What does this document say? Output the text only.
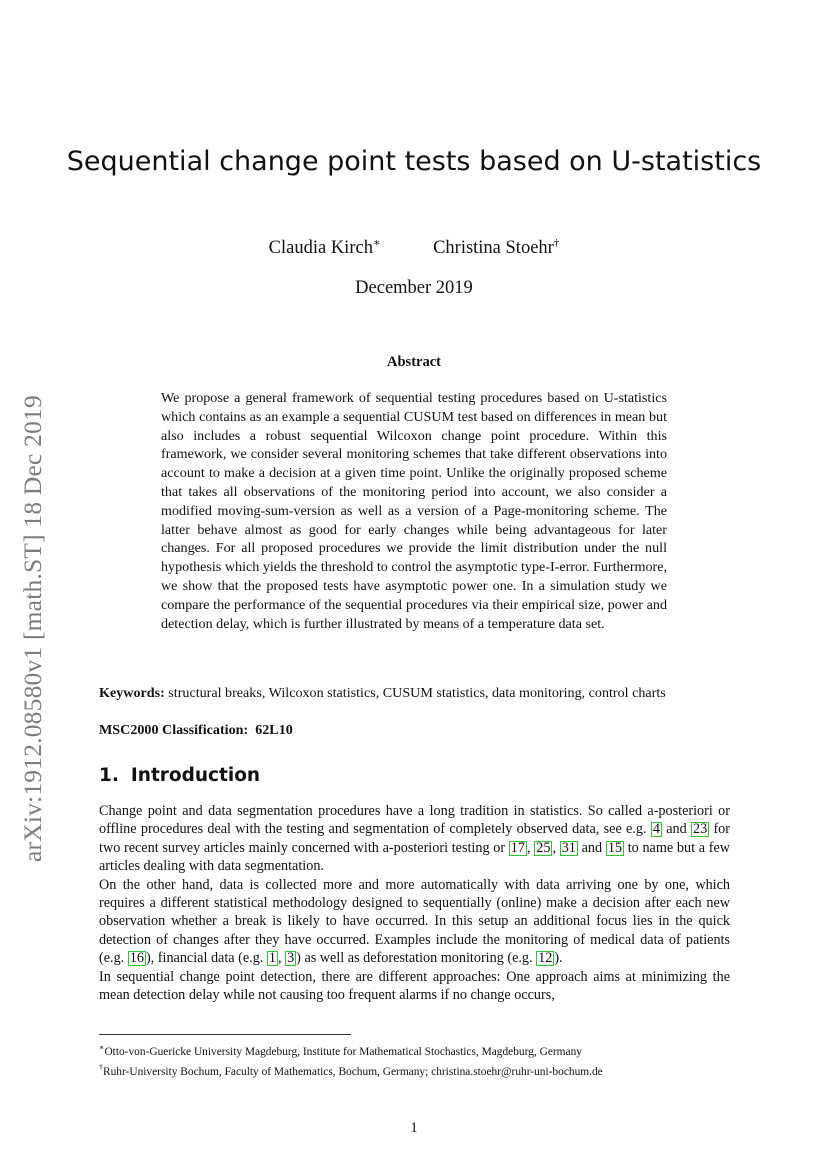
arXiv:1912.08580v1 [math.ST] 18 Dec 2019
Sequential change point tests based on U-statistics
Claudia Kirch∗	Christina Stoehr†
December 2019
Abstract
We propose a general framework of sequential testing procedures based on U-statistics which contains as an example a sequential CUSUM test based on differences in mean but also includes a robust sequential Wilcoxon change point procedure. Within this framework, we consider several monitoring schemes that take different observations into account to make a decision at a given time point. Unlike the originally proposed scheme that takes all observations of the monitoring period into account, we also consider a modified moving-sum-version as well as a version of a Page-monitoring scheme. The latter behave almost as good for early changes while being advantageous for later changes. For all proposed procedures we provide the limit distribution under the null hypothesis which yields the threshold to control the asymptotic type-I-error. Furthermore, we show that the proposed tests have asymptotic power one. In a simulation study we compare the performance of the sequential procedures via their empirical size, power and detection delay, which is further illustrated by means of a temperature data set.
Keywords: structural breaks, Wilcoxon statistics, CUSUM statistics, data monitoring, control charts
MSC2000 Classification: 62L10
1. Introduction

Change point and data segmentation procedures have a long tradition in statistics. So called a-posteriori or offline procedures deal with the testing and segmentation of completely observed data, see e.g. 4 and 23 for two recent survey articles mainly concerned with a-posteriori testing or 17 , 25 , 31 and 15 to name but a few articles dealing with data segmentation.

On the other hand, data is collected more and more automatically with data arriving one by one, which requires a different statistical methodology designed to sequentially (online) make a decision after each new observation whether a break is likely to have occurred. In this setup an additional focus lies in the quick detection of changes after they have occurred. Examples include the monitoring of medical data of patients (e.g. 16 ), financial data (e.g. 1 , 3 ) as well as deforestation monitoring (e.g. 12 ).

In sequential change point detection, there are different approaches: One approach aims at minimizing the mean detection delay while not causing too frequent alarms if no change occurs,

∗Otto-von-Guericke University Magdeburg, Institute for Mathematical Stochastics, Magdeburg, Germany
†Ruhr-University Bochum, Faculty of Mathematics, Bochum, Germany; christina.stoehr@ruhr-uni-bochum.de
1
